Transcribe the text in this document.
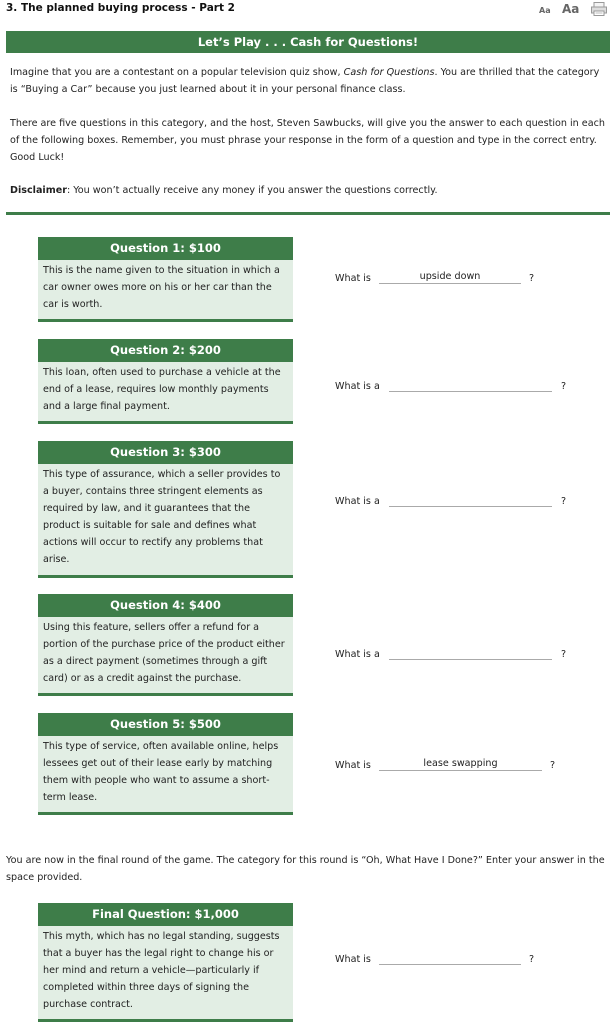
3. The planned buying process - Part 2	Aa Aa
Let’s Play . . . Cash for Questions!
Imagine that you are a contestant on a popular television quiz show, Cash for Questions. You are thrilled that the category is “Buying a Car” because you just learned about it in your personal finance class.
There are five questions in this category, and the host, Steven Sawbucks, will give you the answer to each question in each of the following boxes. Remember, you must phrase your response in the form of a question and type in the correct entry. Good Luck!
Disclaimer: You won’t actually receive any money if you answer the questions correctly.
Question 1: $100
This is the name given to the situation in which a car owner owes more on his or her car than the car is worth.
What is
upside down	?
Question 2: $200
This loan, often used to purchase a vehicle at the end of a lease, requires low monthly payments and a large final payment.
What is a	?
Question 3: $300
This type of assurance, which a seller provides to a buyer, contains three stringent elements as required by law, and it guarantees that the product is suitable for sale and defines what actions will occur to rectify any problems that arise.
What is a	?
Question 4: $400
Using this feature, sellers offer a refund for a portion of the purchase price of the product either as a direct payment (sometimes through a gift card) or as a credit against the purchase.
What is a	?
Question 5: $500
This type of service, often available online, helps lessees get out of their lease early by matching them with people who want to assume a short-term lease.
What is
lease swapping	?
You are now in the final round of the game. The category for this round is “Oh, What Have I Done?” Enter your answer in the space provided.
Final Question: $1,000
This myth, which has no legal standing, suggests that a buyer has the legal right to change his or her mind and return a vehicle—particularly if completed within three days of signing the purchase contract.
What is	?
